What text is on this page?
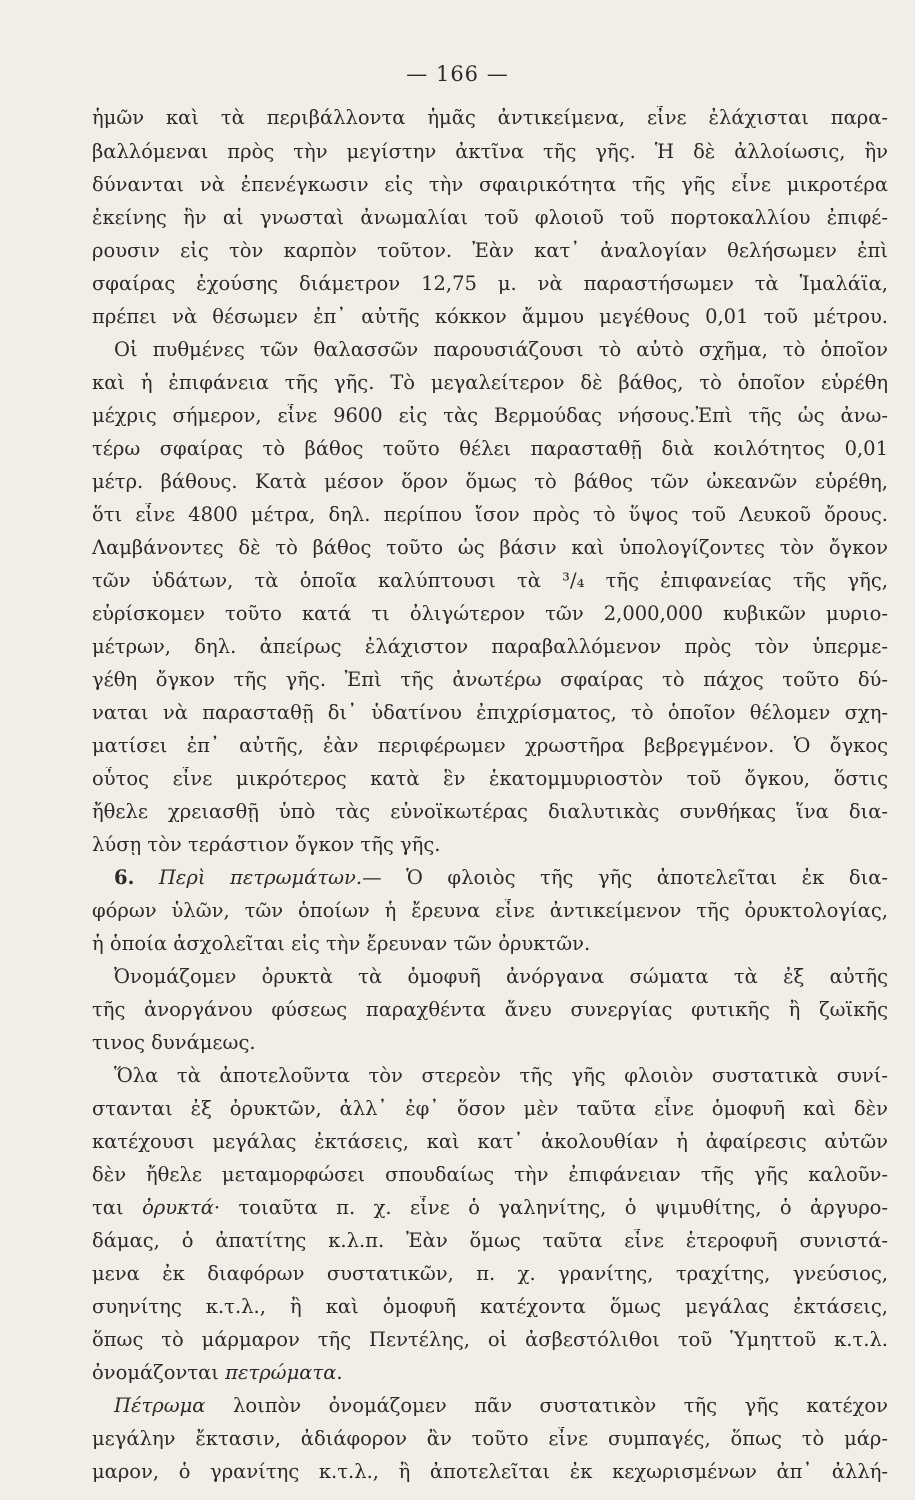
— 166 —
ἡμῶν καὶ τὰ περιβάλλοντα ἡμᾶς ἀντικείμενα, εἶνε ἐλάχισται παρα-
βαλλόμεναι πρὸς τὴν μεγίστην ἀκτῖνα τῆς γῆς. Ἡ δὲ ἀλλοίωσις, ἣν
δύνανται νὰ ἐπενέγκωσιν εἰς τὴν σφαιρικότητα τῆς γῆς εἶνε μικροτέρα
ἐκείνης ἣν αἱ γνωσταὶ ἀνωμαλίαι τοῦ φλοιοῦ τοῦ πορτοκαλλίου ἐπιφέ-
ρουσιν εἰς τὸν καρπὸν τοῦτον. Ἐὰν κατ᾽ ἀναλογίαν θελήσωμεν ἐπὶ
σφαίρας ἐχούσης διάμετρον 12,75 μ. νὰ παραστήσωμεν τὰ Ἱμαλάϊα,
πρέπει νὰ θέσωμεν ἐπ᾽ αὐτῆς κόκκον ἄμμου μεγέθους 0,01 τοῦ μέτρου.
Οἱ πυθμένες τῶν θαλασσῶν παρουσιάζουσι τὸ αὐτὸ σχῆμα, τὸ ὁποῖον
καὶ ἡ ἐπιφάνεια τῆς γῆς. Τὸ μεγαλείτερον δὲ βάθος, τὸ ὁποῖον εὑρέθη
μέχρις σήμερον, εἶνε 9600 εἰς τὰς Βερμούδας νήσους.Ἐπὶ τῆς ὡς ἀνω-
τέρω σφαίρας τὸ βάθος τοῦτο θέλει παρασταθῇ διὰ κοιλότητος 0,01
μέτρ. βάθους. Κατὰ μέσον ὅρον ὅμως τὸ βάθος τῶν ὠκεανῶν εὑρέθη,
ὅτι εἶνε 4800 μέτρα, δηλ. περίπου ἴσον πρὸς τὸ ὕψος τοῦ Λευκοῦ ὄρους.
Λαμβάνοντες δὲ τὸ βάθος τοῦτο ὡς βάσιν καὶ ὑπολογίζοντες τὸν ὄγκον
τῶν ὑδάτων, τὰ ὁποῖα καλύπτουσι τὰ ³/₄ τῆς ἐπιφανείας τῆς γῆς,
εὑρίσκομεν τοῦτο κατά τι ὀλιγώτερον τῶν 2,000,000 κυβικῶν μυριο-
μέτρων, δηλ. ἀπείρως ἐλάχιστον παραβαλλόμενον πρὸς τὸν ὑπερμε-
γέθη ὄγκον τῆς γῆς. Ἐπὶ τῆς ἀνωτέρω σφαίρας τὸ πάχος τοῦτο δύ-
ναται νὰ παρασταθῇ δι᾽ ὑδατίνου ἐπιχρίσματος, τὸ ὁποῖον θέλομεν σχη-
ματίσει ἐπ᾽ αὐτῆς, ἐὰν περιφέρωμεν χρωστῆρα βεβρεγμένον. Ὁ ὄγκος
οὗτος εἶνε μικρότερος κατὰ ἓν ἑκατομμυριοστὸν τοῦ ὄγκου, ὅστις
ἤθελε χρειασθῇ ὑπὸ τὰς εὐνοϊκωτέρας διαλυτικὰς συνθήκας ἵνα δια-
λύσῃ τὸν τεράστιον ὄγκον τῆς γῆς.
6. Περὶ πετρωμάτων.— Ὁ φλοιὸς τῆς γῆς ἀποτελεῖται ἐκ δια-
φόρων ὑλῶν, τῶν ὁποίων ἡ ἔρευνα εἶνε ἀντικείμενον τῆς ὀρυκτολογίας,
ἡ ὁποία ἀσχολεῖται εἰς τὴν ἔρευναν τῶν ὀρυκτῶν.
Ὀνομάζομεν ὀρυκτὰ τὰ ὁμοφυῆ ἀνόργανα σώματα τὰ ἐξ αὐτῆς
τῆς ἀνοργάνου φύσεως παραχθέντα ἄνευ συνεργίας φυτικῆς ἢ ζωϊκῆς
τινος δυνάμεως.
Ὅλα τὰ ἀποτελοῦντα τὸν στερεὸν τῆς γῆς φλοιὸν συστατικὰ συνί-
στανται ἐξ ὀρυκτῶν, ἀλλ᾽ ἐφ᾽ ὅσον μὲν ταῦτα εἶνε ὁμοφυῆ καὶ δὲν
κατέχουσι μεγάλας ἐκτάσεις, καὶ κατ᾽ ἀκολουθίαν ἡ ἀφαίρεσις αὐτῶν
δὲν ἤθελε μεταμορφώσει σπουδαίως τὴν ἐπιφάνειαν τῆς γῆς καλοῦν-
ται ὀρυκτά· τοιαῦτα π. χ. εἶνε ὁ γαληνίτης, ὁ ψιμυθίτης, ὁ ἀργυρο-
δάμας, ὁ ἀπατίτης κ.λ.π. Ἐὰν ὅμως ταῦτα εἶνε ἑτεροφυῆ συνιστά-
μενα ἐκ διαφόρων συστατικῶν, π. χ. γρανίτης, τραχίτης, γνεύσιος,
συηνίτης κ.τ.λ., ἢ καὶ ὁμοφυῆ κατέχοντα ὅμως μεγάλας ἐκτάσεις,
ὅπως τὸ μάρμαρον τῆς Πεντέλης, οἱ ἀσβεστόλιθοι τοῦ Ὑμηττοῦ κ.τ.λ.
ὀνομάζονται πετρώματα.
Πέτρωμα λοιπὸν ὀνομάζομεν πᾶν συστατικὸν τῆς γῆς κατέχον
μεγάλην ἔκτασιν, ἀδιάφορον ἂν τοῦτο εἶνε συμπαγές, ὅπως τὸ μάρ-
μαρον, ὁ γρανίτης κ.τ.λ., ἢ ἀποτελεῖται ἐκ κεχωρισμένων ἀπ᾽ ἀλλή-
